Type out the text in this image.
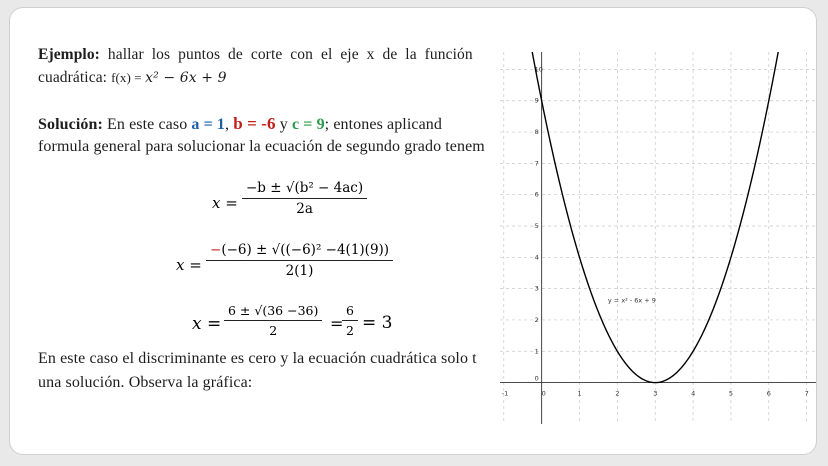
Ejemplo: hallar los puntos de corte con el eje x de la función
cuadrática: f(x) = x² − 6x + 9
Solución: En este caso a = 1, b = -6 y c = 9; entones aplicand
formula general para solucionar la ecuación de segundo grado tenem
$x = \frac{\text{−b ± √(b² − 4ac)}}{2a}$
$x = \frac{\text{−(−6) ± √((−6)² −4(1)(9))}}{2(1)}$
$x = \frac{6 \pm √(36 -36)}{2}$ =
$\frac{6}{2} = 3$
En este caso el discriminante es cero y la ecuación cuadrática solo t
una solución. Observa la gráfica:
-1	0	1	2	3	4	5	6	7
1
2
3
4
5
6
7
8
9
10
0
y = x² - 6x + 9
